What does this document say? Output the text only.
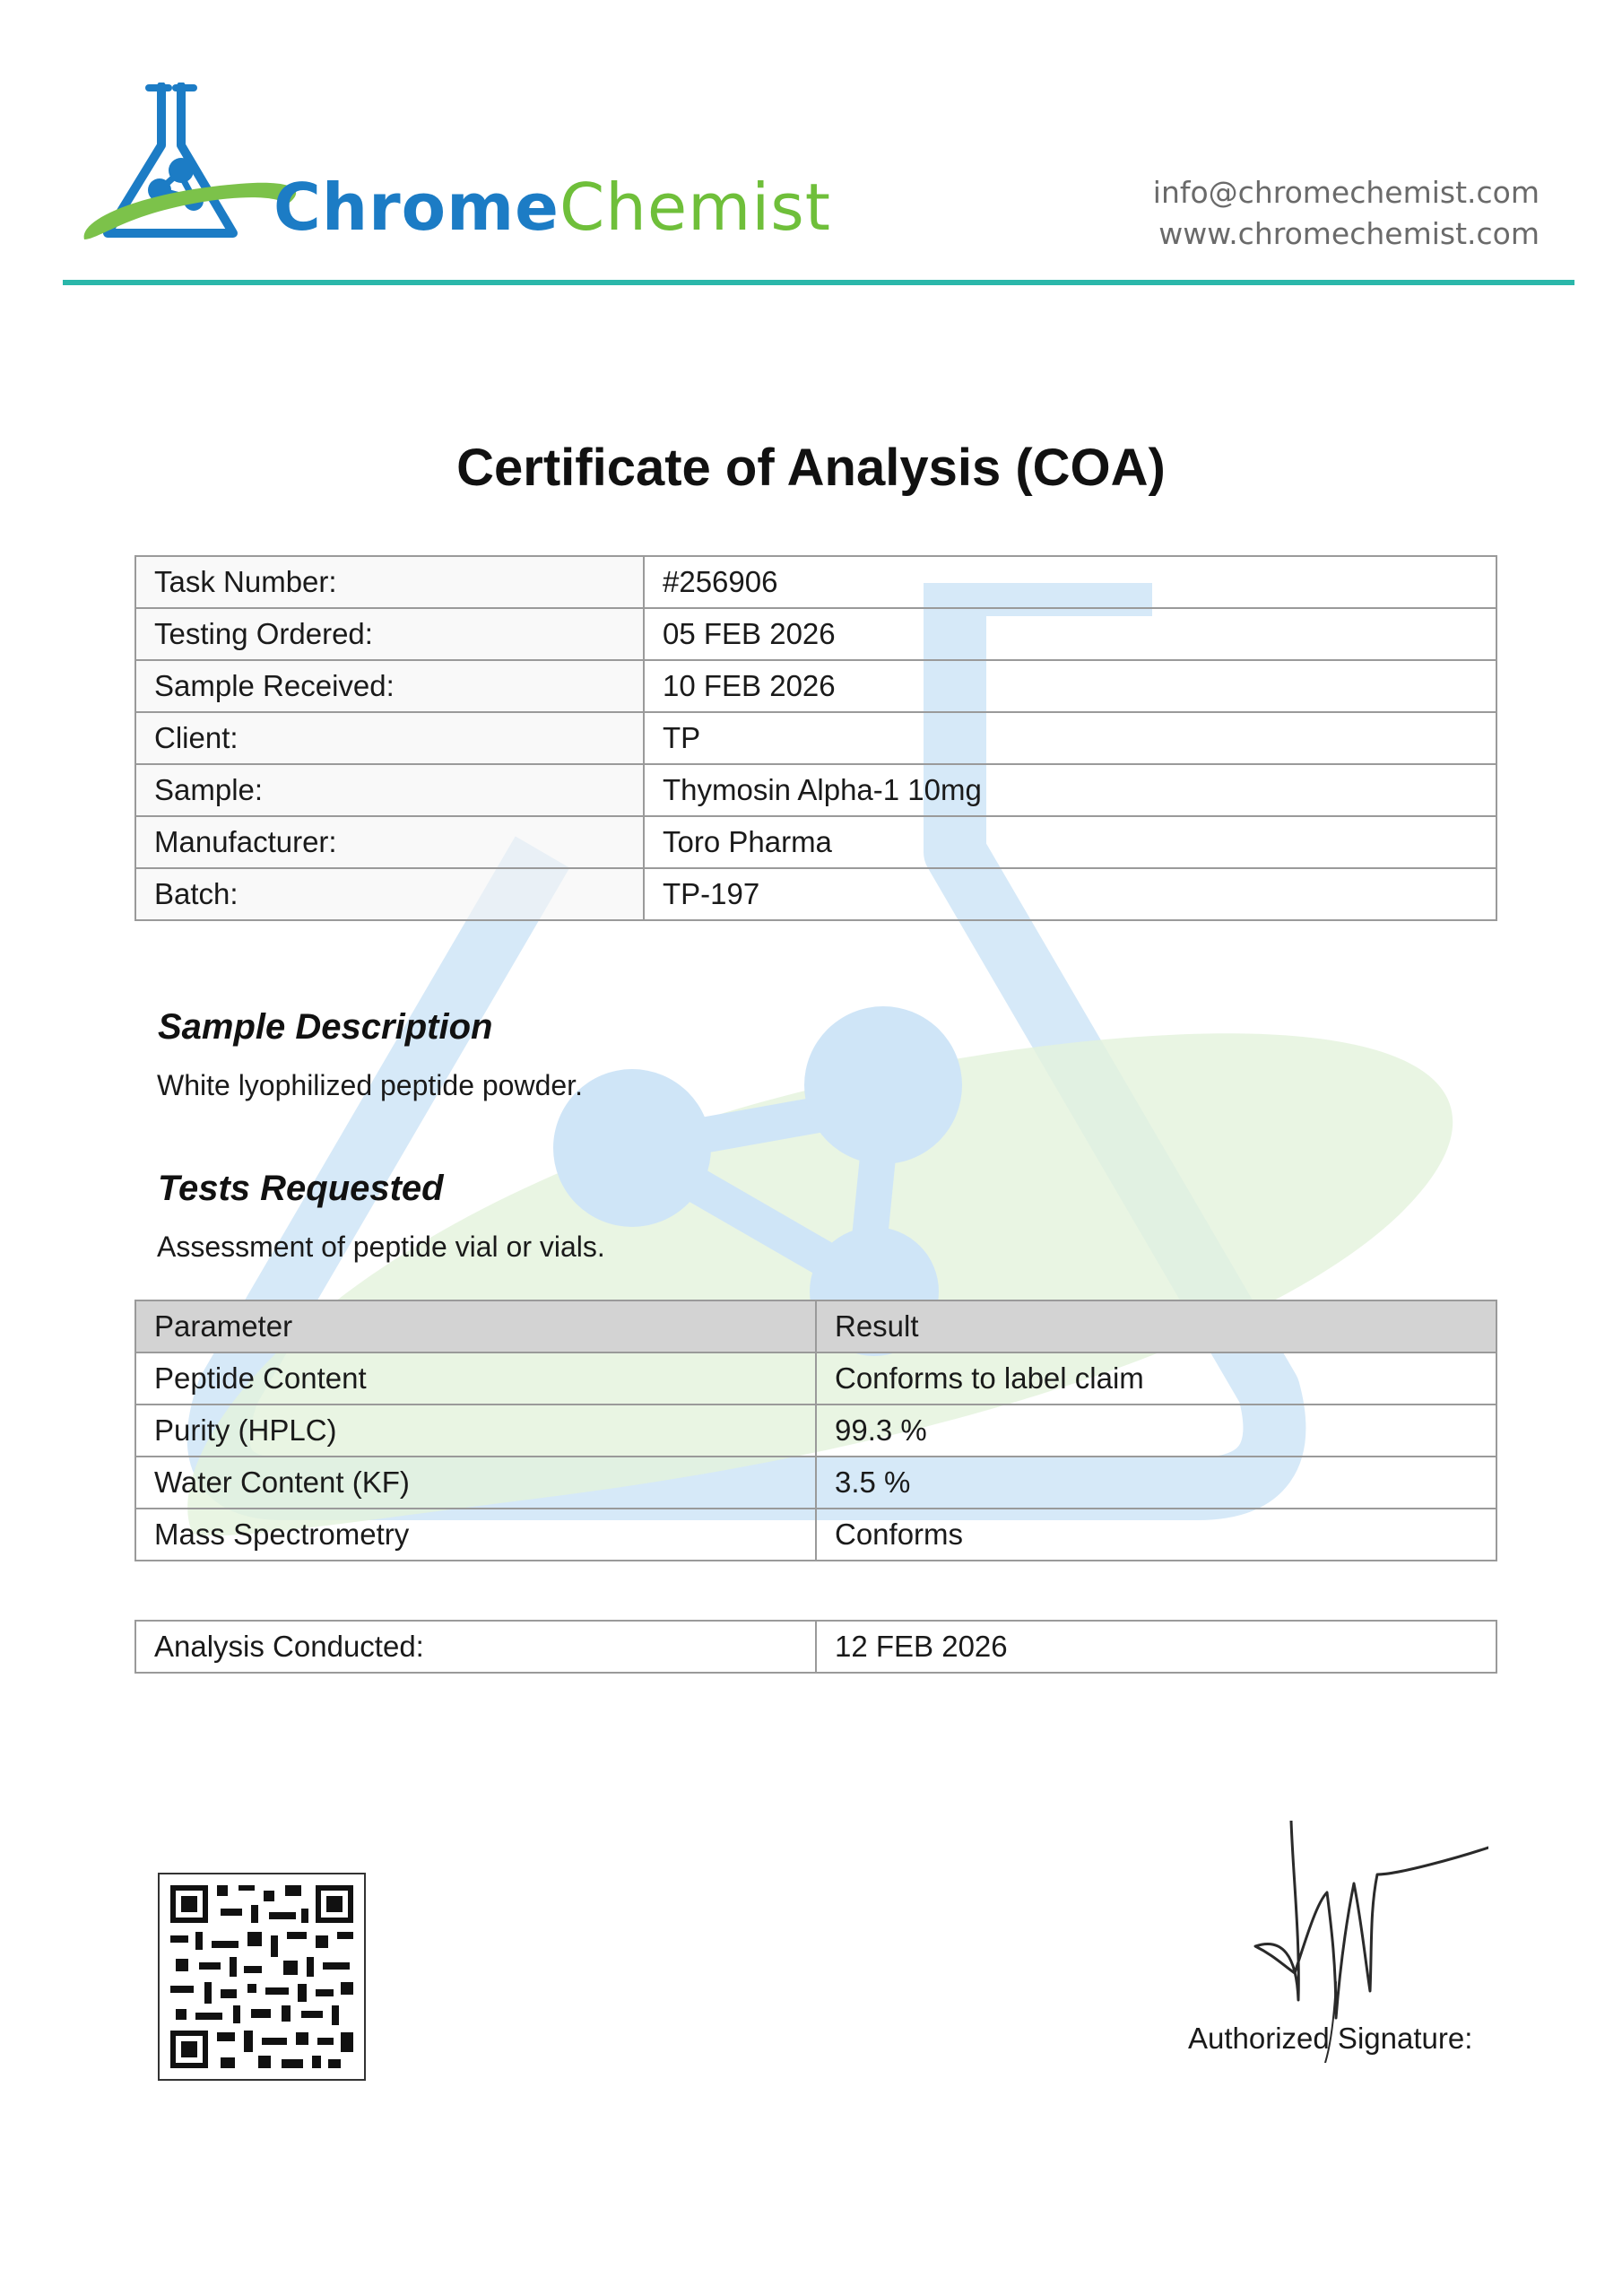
ChromeChemist	info@chromechemist.com
www.chromechemist.com
Certificate of Analysis (COA)
Task Number:	#256906
Testing Ordered:	05 FEB 2026
Sample Received:	10 FEB 2026
Client:	TP
Sample:	Thymosin Alpha-1 10mg
Manufacturer:	Toro Pharma
Batch:	TP-197
Sample Description
White lyophilized peptide powder.
Tests Requested
Assessment of peptide vial or vials.
Parameter	Result
Peptide Content	Conforms to label claim
Purity (HPLC)	99.3 %
Water Content (KF)	3.5 %
Mass Spectrometry	Conforms
Analysis Conducted:	12 FEB 2026
Authorized Signature:
